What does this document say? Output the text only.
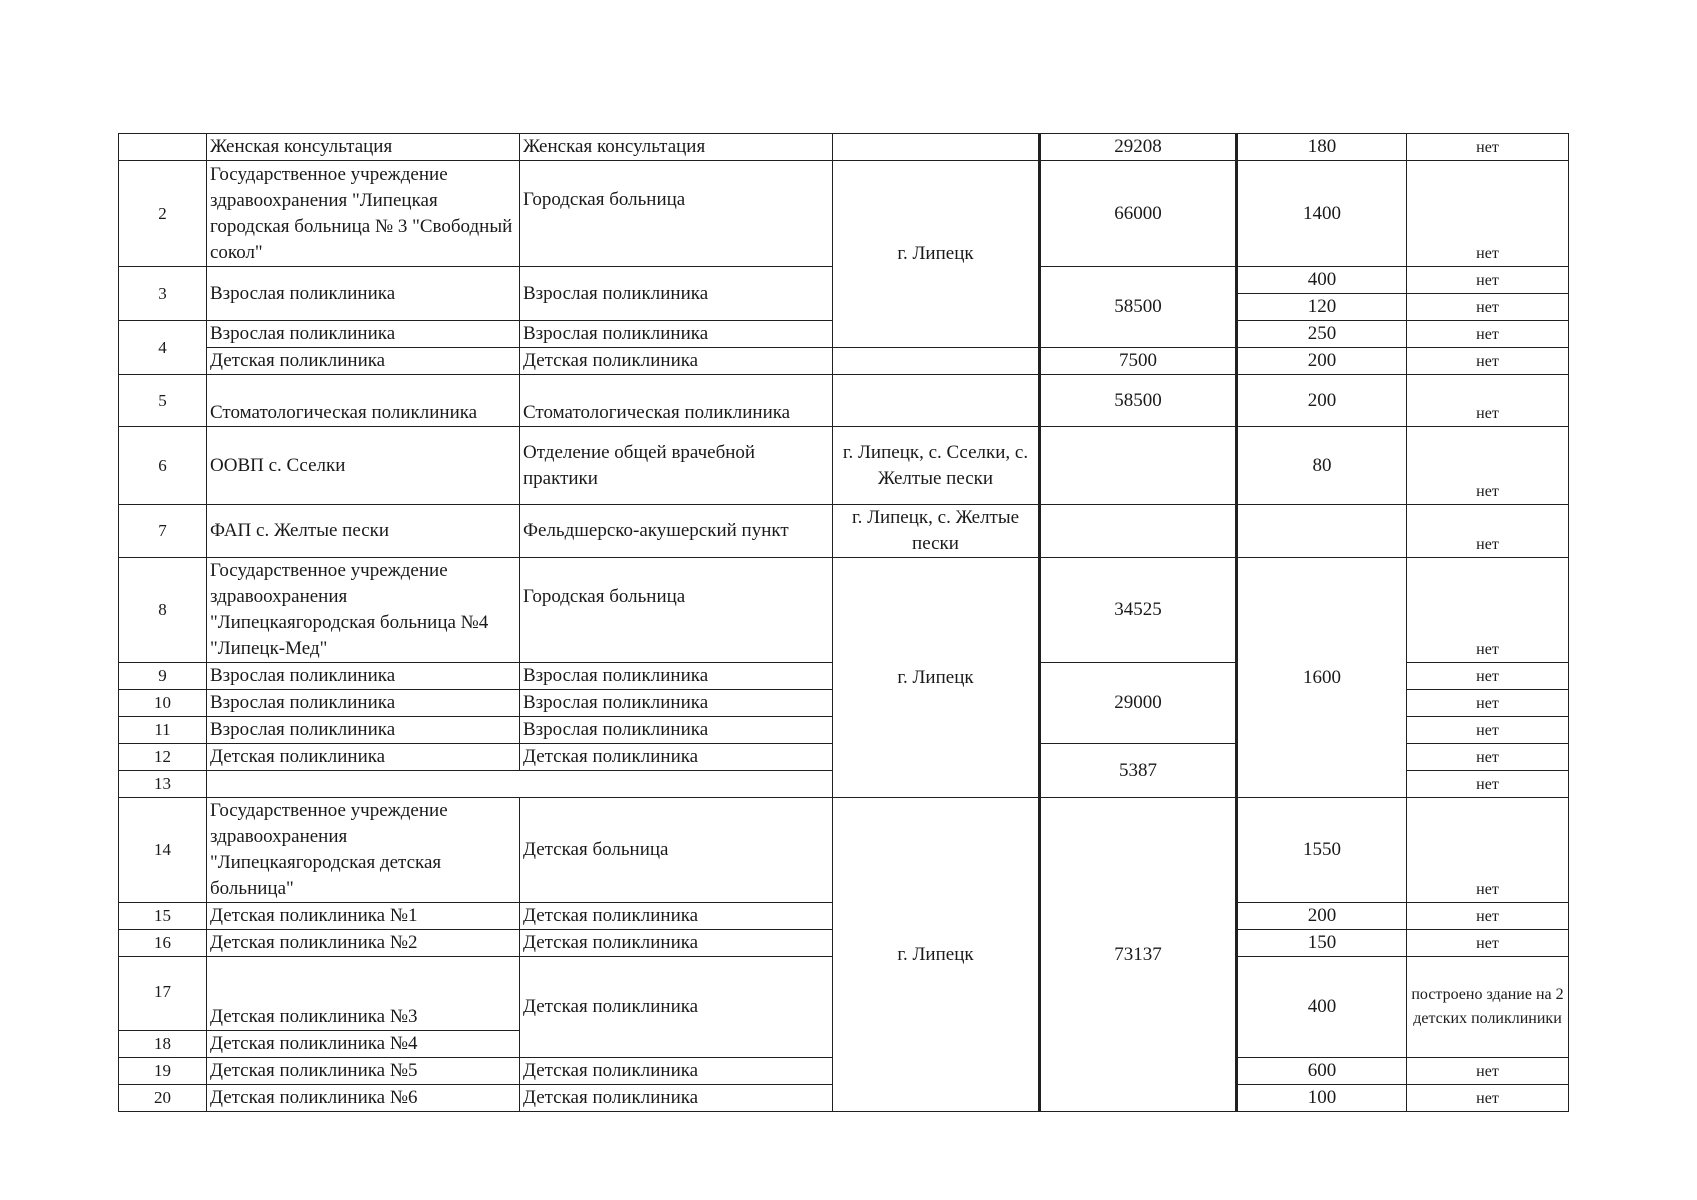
	Женская консультация	Женская консультация		29208	180	нет
2	Государственное учреждение здравоохранения "Липецкая городская больница № 3 "Свободный сокол"	Городская больница	г. Липецк	66000	1400	нет
3	Взрослая поликлиника	Взрослая поликлиника		58500	400	нет
					120	нет
4	Взрослая поликлиника	Взрослая поликлиника			250	нет
	Детская поликлиника	Детская поликлиника		7500	200	нет
5	Стоматологическая поликлиника	Стоматологическая поликлиника		58500	200	нет
6	ООВП с. Сселки	Отделение общей врачебной практики	г. Липецк, с. Сселки, с. Желтые пески		80	нет
7	ФАП с. Желтые пески	Фельдшерско-акушерский пункт	г. Липецк, с. Желтые пески			нет
8	Государственное учреждение здравоохранения "Липецкаягородская больница №4 "Липецк-Мед"	Городская больница	г. Липецк	34525	1600	нет
9	Взрослая поликлиника	Взрослая поликлиника		29000		нет
10	Взрослая поликлиника	Взрослая поликлиника				нет
11	Взрослая поликлиника	Взрослая поликлиника				нет
12	Детская поликлиника	Детская поликлиника		5387		нет
13						нет
14	Государственное учреждение здравоохранения "Липецкаягородская детская больница"	Детская больница	г. Липецк	73137	1550	нет
15	Детская поликлиника №1	Детская поликлиника			200	нет
16	Детская поликлиника №2	Детская поликлиника			150	нет
17	Детская поликлиника №3	Детская поликлиника			400	построено здание на 2 детских поликлиники
18	Детская поликлиника №4					
19	Детская поликлиника №5	Детская поликлиника			600	нет
20	Детская поликлиника №6	Детская поликлиника			100	нет
